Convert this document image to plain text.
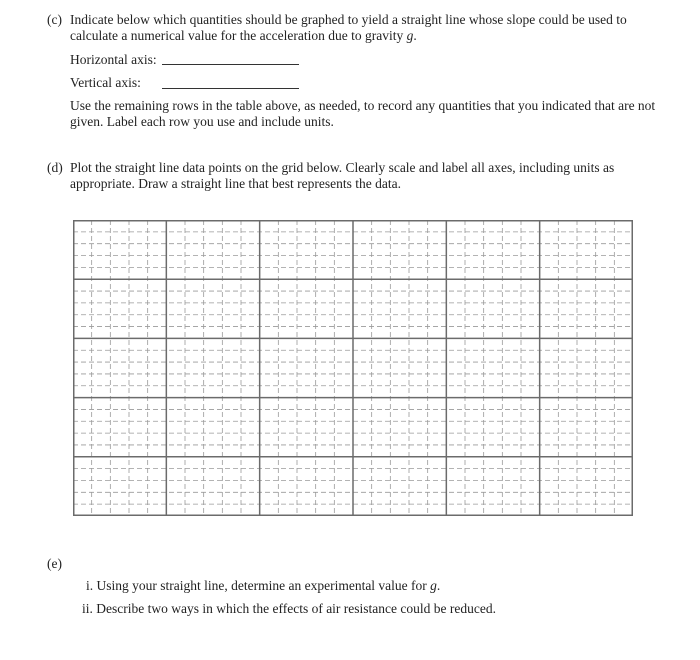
(c) Indicate below which quantities should be graphed to yield a straight line whose slope could be used to
calculate a numerical value for the acceleration due to gravity g.
Horizontal axis:
Vertical axis:
Use the remaining rows in the table above, as needed, to record any quantities that you indicated that are not
given. Label each row you use and include units.
(d) Plot the straight line data points on the grid below. Clearly scale and label all axes, including units as
appropriate. Draw a straight line that best represents the data.
(e)
i. Using your straight line, determine an experimental value for g.
ii. Describe two ways in which the effects of air resistance could be reduced.
